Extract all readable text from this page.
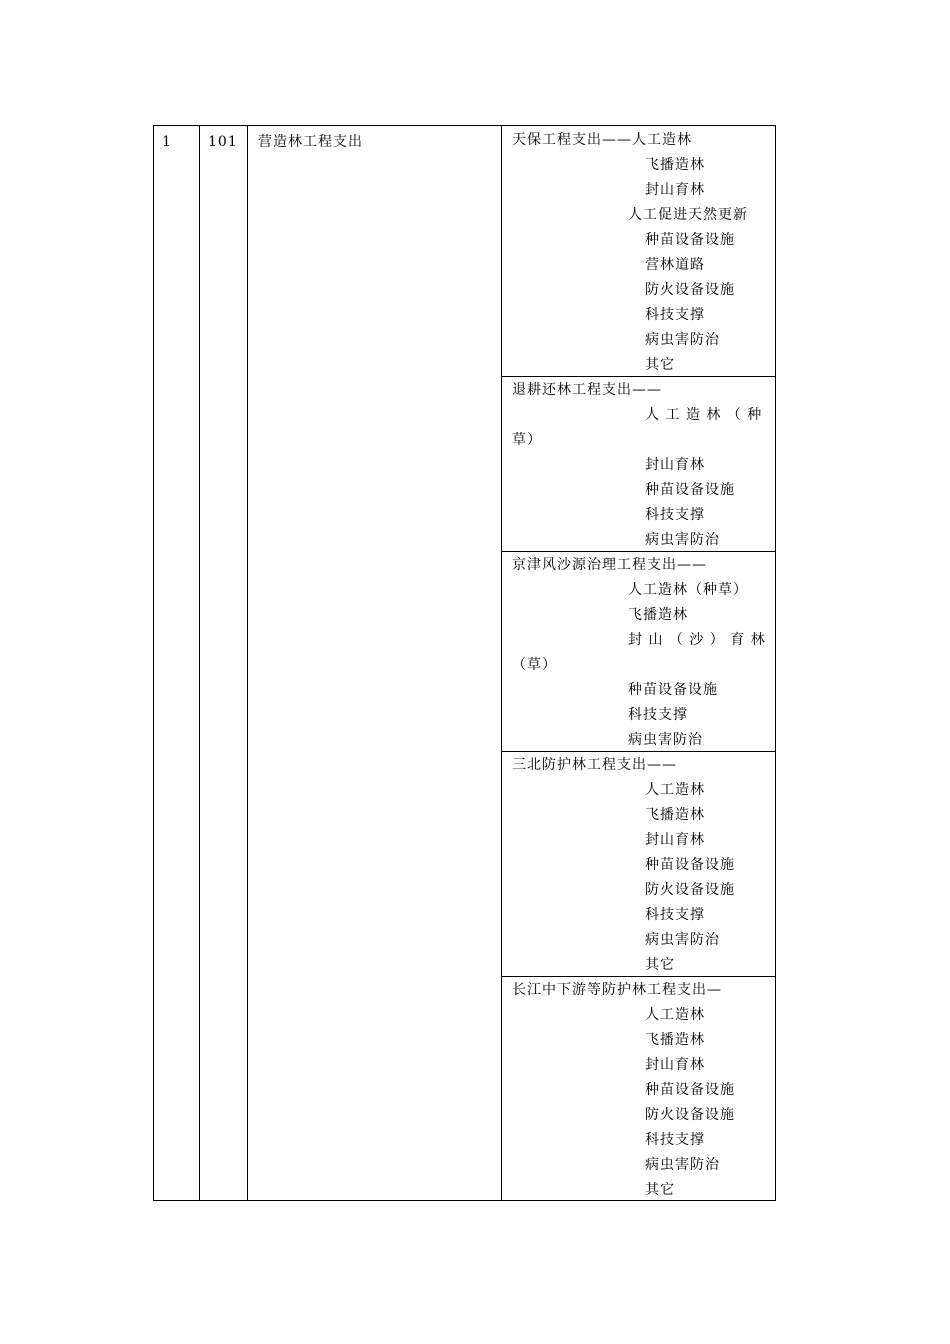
1	101 营造林工程支出	天保工程支出——人工造林
飞播造林
封山育林
人工促进天然更新
种苗设备设施
营林道路
防火设备设施
科技支撑
病虫害防治
其它
退耕还林工程支出——
人 工 造 林 （ 种
草）
封山育林
种苗设备设施
科技支撑
病虫害防治
京津风沙源治理工程支出——
人工造林（种草）
飞播造林
封 山 （ 沙 ） 育 林
（草）
种苗设备设施
科技支撑
病虫害防治
三北防护林工程支出——
人工造林
飞播造林
封山育林
种苗设备设施
防火设备设施
科技支撑
病虫害防治
其它
长江中下游等防护林工程支出—
人工造林
飞播造林
封山育林
种苗设备设施
防火设备设施
科技支撑
病虫害防治
其它
